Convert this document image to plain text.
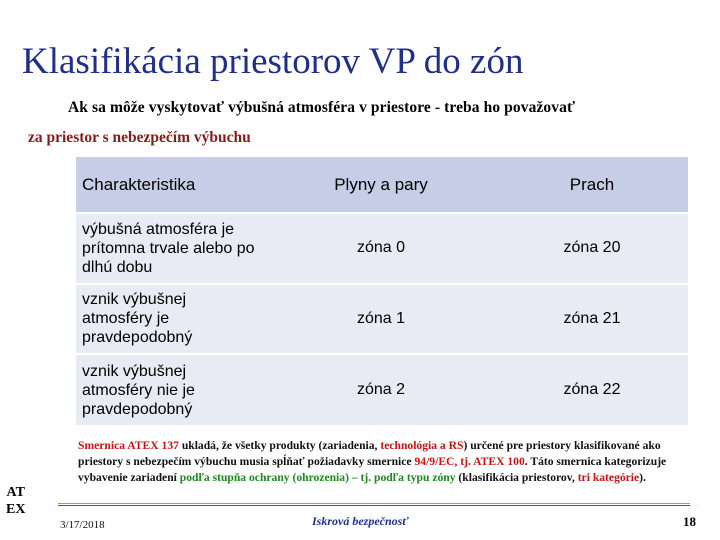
Klasifikácia priestorov VP do zón
Ak sa môže vyskytovať výbušná atmosféra v priestore - treba ho považovať
za priestor s nebezpečím výbuchu
Charakteristika	Plyny a pary	Prach
výbušná atmosféra je prítomna trvale alebo po dlhú dobu	zóna 0	zóna 20
vznik výbušnej atmosféry je pravdepodobný	zóna 1	zóna 21
vznik výbušnej atmosféry nie je pravdepodobný	zóna 2	zóna 22
AT
EX
Smernica ATEX 137 ukladá, že všetky produkty (zariadenia, technológia a RS) určené pre priestory klasifikované ako priestory s nebezpečím výbuchu musia spĺňať požiadavky smernice 94/9/EC, tj. ATEX 100. Táto smernica kategorizuje vybavenie zariadení podľa stupňa ochrany (ohrozenia) – tj. podľa typu zóny (klasifikácia priestorov, tri kategórie).
3/17/2018	Iskrová bezpečnosť	18
